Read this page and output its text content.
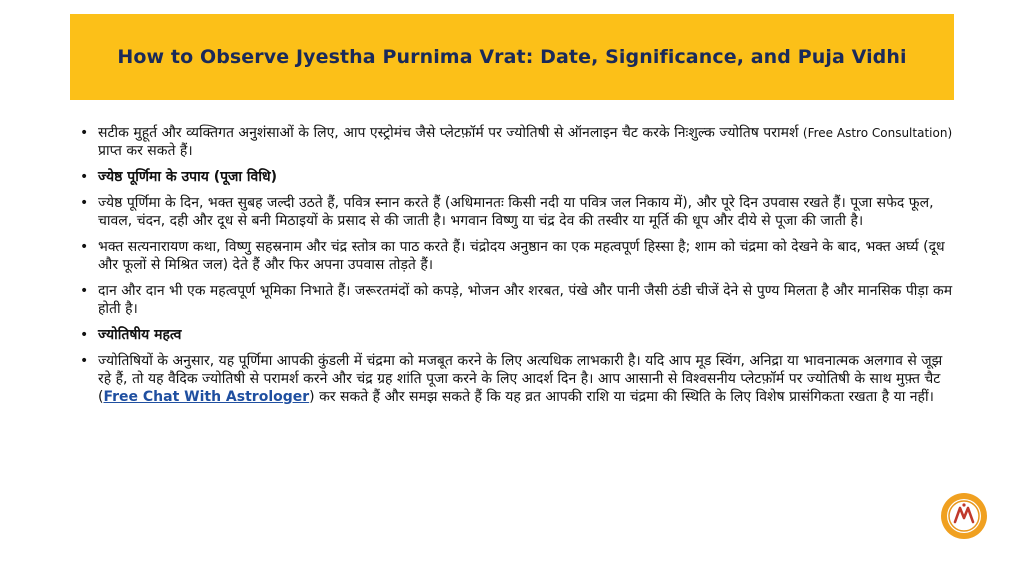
How to Observe Jyestha Purnima Vrat: Date, Significance, and Puja Vidhi
• सटीक मुहूर्त और व्यक्तिगत अनुशंसाओं के लिए, आप एस्ट्रोमंच जैसे प्लेटफ़ॉर्म पर ज्योतिषी से ऑनलाइन चैट करके निःशुल्क ज्योतिष परामर्श (Free Astro Consultation) प्राप्त कर सकते हैं।
• ज्येष्ठ पूर्णिमा के उपाय (पूजा विधि)
• ज्येष्ठ पूर्णिमा के दिन, भक्त सुबह जल्दी उठते हैं, पवित्र स्नान करते हैं (अधिमानतः किसी नदी या पवित्र जल निकाय में), और पूरे दिन उपवास रखते हैं। पूजा सफेद फूल, चावल, चंदन, दही और दूध से बनी मिठाइयों के प्रसाद से की जाती है। भगवान विष्णु या चंद्र देव की तस्वीर या मूर्ति की धूप और दीये से पूजा की जाती है।
• भक्त सत्यनारायण कथा, विष्णु सहस्रनाम और चंद्र स्तोत्र का पाठ करते हैं। चंद्रोदय अनुष्ठान का एक महत्वपूर्ण हिस्सा है; शाम को चंद्रमा को देखने के बाद, भक्त अर्घ्य (दूध और फूलों से मिश्रित जल) देते हैं और फिर अपना उपवास तोड़ते हैं।
• दान और दान भी एक महत्वपूर्ण भूमिका निभाते हैं। जरूरतमंदों को कपड़े, भोजन और शरबत, पंखे और पानी जैसी ठंडी चीजें देने से पुण्य मिलता है और मानसिक पीड़ा कम होती है।
• ज्योतिषीय महत्व
• ज्योतिषियों के अनुसार, यह पूर्णिमा आपकी कुंडली में चंद्रमा को मजबूत करने के लिए अत्यधिक लाभकारी है। यदि आप मूड स्विंग, अनिद्रा या भावनात्मक अलगाव से जूझ रहे हैं, तो यह वैदिक ज्योतिषी से परामर्श करने और चंद्र ग्रह शांति पूजा करने के लिए आदर्श दिन है। आप आसानी से विश्वसनीय प्लेटफ़ॉर्म पर ज्योतिषी के साथ मुफ़्त चैट (Free Chat With Astrologer) कर सकते हैं और समझ सकते हैं कि यह व्रत आपकी राशि या चंद्रमा की स्थिति के लिए विशेष प्रासंगिकता रखता है या नहीं।
